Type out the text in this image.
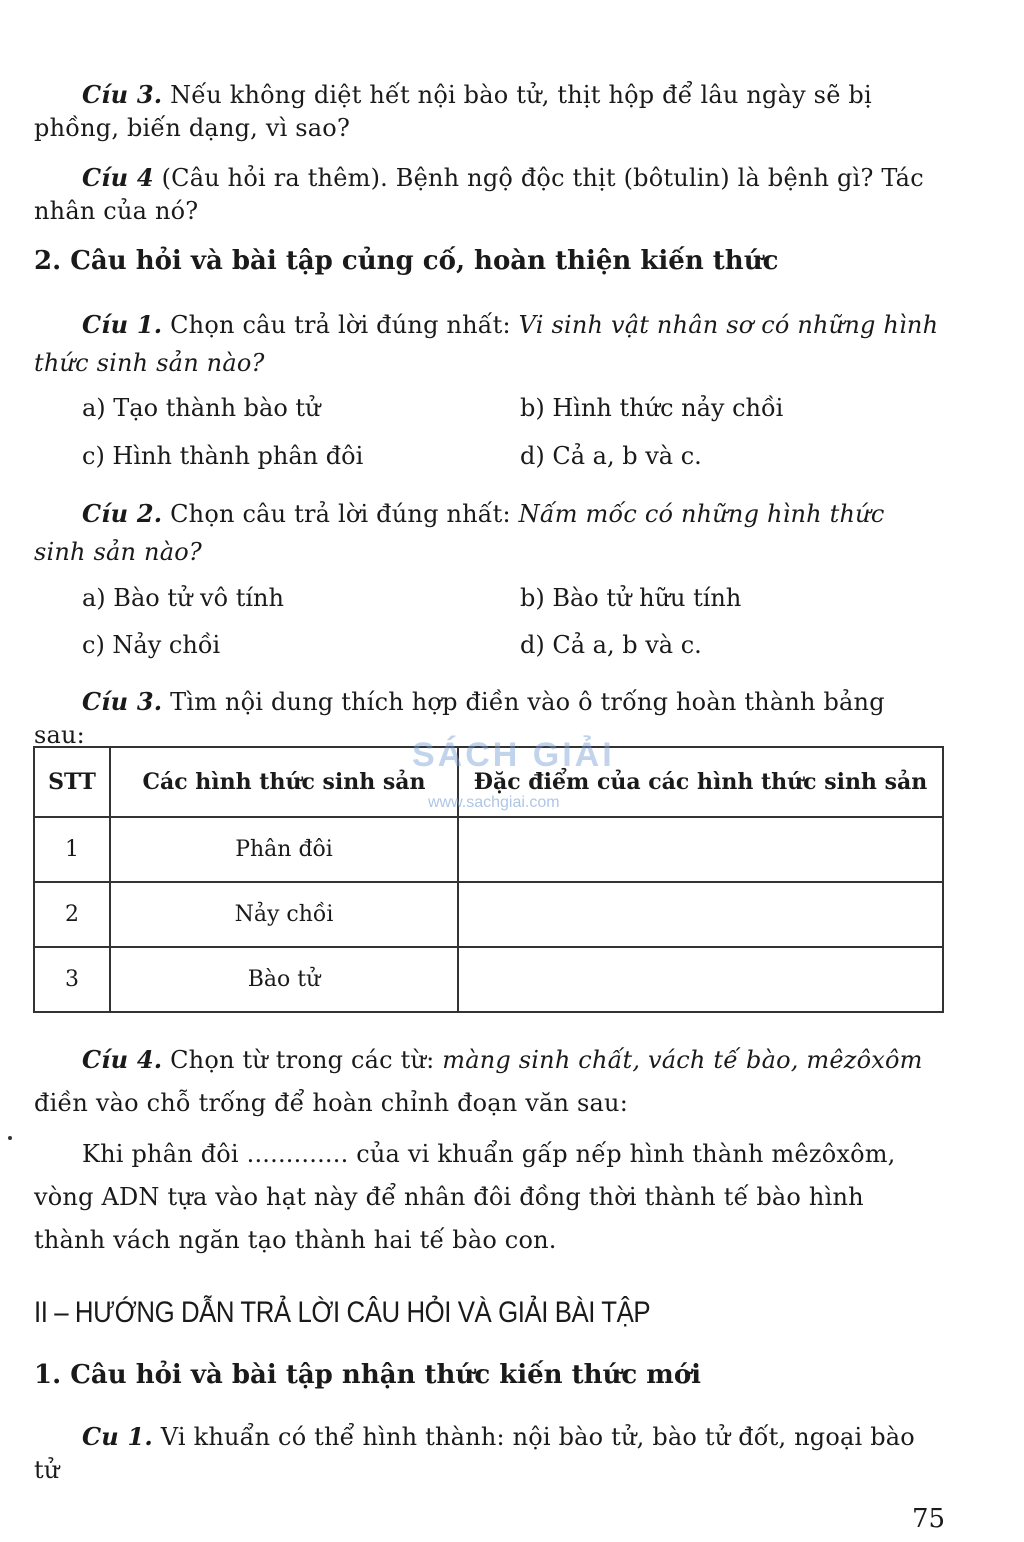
Cíu 3. Nếu không diệt hết nội bào tử, thịt hộp để lâu ngày sẽ bị phồng, biến dạng, vì sao?
Cíu 4 (Câu hỏi ra thêm). Bệnh ngộ độc thịt (bôtulin) là bệnh gì? Tác nhân của nó?
2. Câu hỏi và bài tập củng cố, hoàn thiện kiến thức
Cíu 1. Chọn câu trả lời đúng nhất: Vi sinh vật nhân sơ có những hình thức sinh sản nào?
a) Tạo thành bào tử	b) Hình thức nảy chồi
c) Hình thành phân đôi	d) Cả a, b và c.
Cíu 2. Chọn câu trả lời đúng nhất: Nấm mốc có những hình thức sinh sản nào?
a) Bào tử vô tính	b) Bào tử hữu tính
c) Nảy chồi	d) Cả a, b và c.
Cíu 3. Tìm nội dung thích hợp điền vào ô trống hoàn thành bảng sau:
STT	Các hình thức sinh sản	Đặc điểm của các hình thức sinh sản
1	Phân đôi	
2	Nảy chồi	
3	Bào tử	
SÁCH GIẢI
www.sachgiai.com
Cíu 4. Chọn từ trong các từ: màng sinh chất, vách tế bào, mêzôxôm điền vào chỗ trống để hoàn chỉnh đoạn văn sau:
Khi phân đôi ............. của vi khuẩn gấp nếp hình thành mêzôxôm, vòng ADN tựa vào hạt này để nhân đôi đồng thời thành tế bào hình thành vách ngăn tạo thành hai tế bào con.
II – HƯỚNG DẪN TRẢ LỜI CÂU HỎI VÀ GIẢI BÀI TẬP
1. Câu hỏi và bài tập nhận thức kiến thức mới
Cu 1. Vi khuẩn có thể hình thành: nội bào tử, bào tử đốt, ngoại bào tử
75
